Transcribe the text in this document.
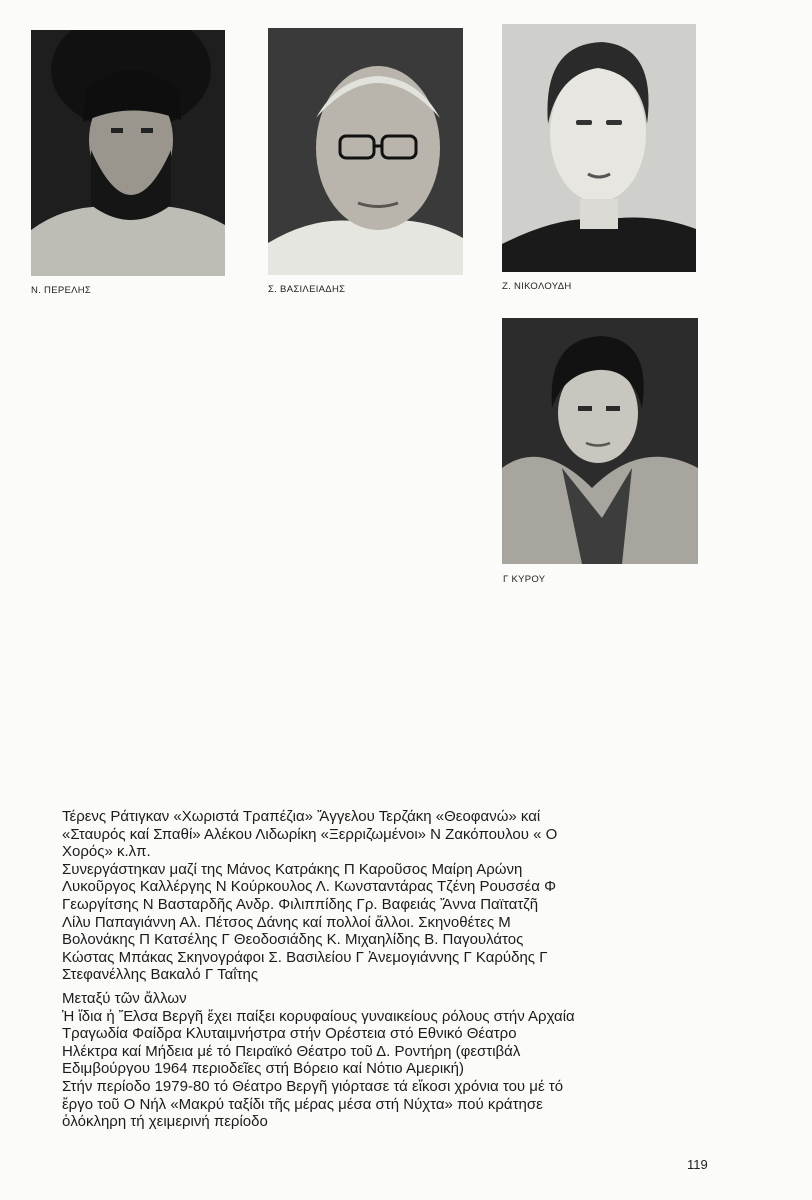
Ν. ΠΕΡΕΛΗΣ	Σ. ΒΑΣΙΛΕΙΑΔΗΣ	Ζ. ΝΙΚΟΛΟΥΔΗ
Γ ΚΥΡΟΥ
Τέρενς Ράτιγκαν «Χωριστά Τραπέζια» Ἄγγελου Τερζάκη «Θεοφανώ» καί
«Σταυρός καί Σπαθί» Αλέκου Λιδωρίκη «Ξερριζωμένοι» Ν Ζακόπουλου « Ο
Χορός» κ.λπ.
Συνεργάστηκαν μαζί της Μάνος Κατράκης Π Καροῦσος Μαίρη Αρώνη
Λυκοῦργος Καλλέργης Ν Κούρκουλος Λ. Κωνσταντάρας Τζένη Ρουσσέα Φ
Γεωργίτσης Ν Βασταρδῆς Ανδρ. Φιλιππίδης Γρ. Βαφειάς Ἄννα Παϊτατζῆ
Λίλυ Παπαγιάννη Αλ. Πέτσος Δάνης καί πολλοί ἄλλοι. Σκηνοθέτες Μ
Βολονάκης Π Κατσέλης Γ Θεοδοσιάδης Κ. Μιχαηλίδης Β. Παγουλάτος
Κώστας Μπάκας Σκηνογράφοι Σ. Βασιλείου Γ Ἀνεμογιάννης Γ Καρύδης Γ
Στεφανέλλης Βακαλό Γ Ταΐτης
Μεταξύ τῶν ἄλλων
Ἡ ἴδια ἡ Ἔλσα Βεργῆ ἔχει παίξει κορυφαίους γυναικείους ρόλους στήν Αρχαία
Τραγωδία Φαίδρα Κλυταιμνήστρα στήν Ορέστεια στό Εθνικό Θέατρο
Ηλέκτρα καί Μήδεια μέ τό Πειραϊκό Θέατρο τοῦ Δ. Ροντήρη (φεστιβάλ
Εδιμβούργου 1964 περιοδεῖες στή Βόρειο καί Νότιο Αμερική)
Στήν περίοδο 1979-80 τό Θέατρο Βεργῆ γιόρτασε τά εἴκοσι χρόνια του μέ τό
ἔργο τοῦ Ο Νήλ «Μακρύ ταξίδι τῆς μέρας μέσα στή Νύχτα» πού κράτησε
ὁλόκληρη τή χειμερινή περίοδο
119
